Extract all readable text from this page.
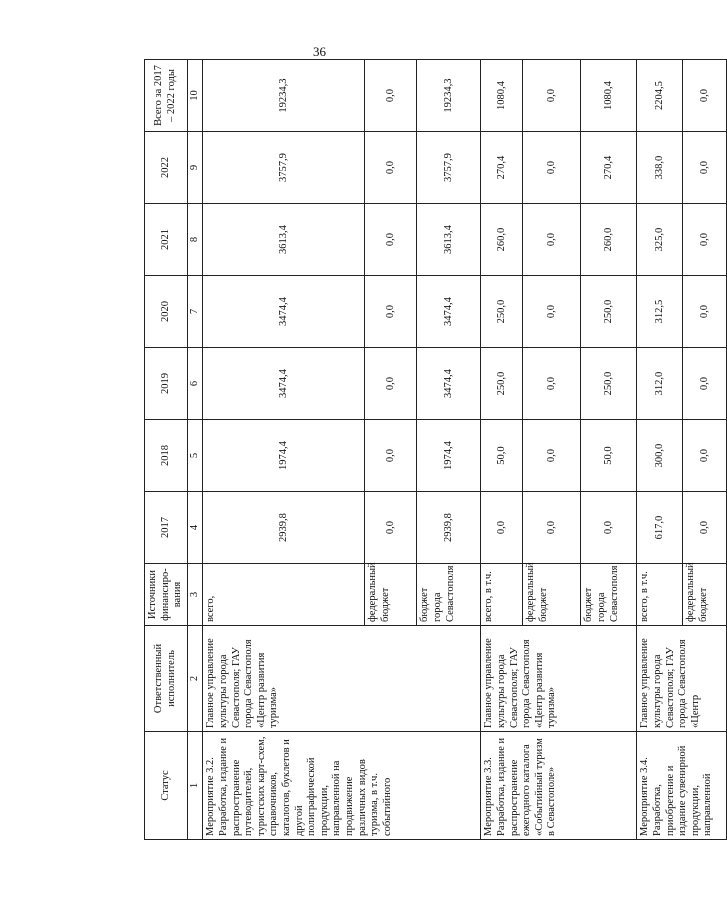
36
Статус	Ответственный исполнитель	Источники финансиро-вания	2017	2018	2019	2020	2021	2022	Всего за 2017 – 2022 годы
1	2	3	4	5	6	7	8	9	10
Мероприятие 3.2. Разработка, издание и распространение путеводителей, туристских карт-схем, справочников, каталогов, буклетов и другой полиграфической продукции, направленной на продвижение различных видов туризма, в т.ч. событийного	Главное управление культуры города Севастополя; ГАУ города Севастополя «Центр развития туризма»	всего,	2939,8	1974,4	3474,4	3474,4	3613,4	3757,9	19234,3
		федеральный бюджет	0,0	0,0	0,0	0,0	0,0	0,0	0,0
		бюджет города Севастополя	2939,8	1974,4	3474,4	3474,4	3613,4	3757,9	19234,3
Мероприятие 3.3. Разработка, издание и распространение ежегодного каталога «Событийный туризм в Севастополе»	Главное управление культуры города Севастополя; ГАУ города Севастополя «Центр развития туризма»	всего, в т.ч.	0,0	50,0	250,0	250,0	260,0	270,4	1080,4
		федеральный бюджет	0,0	0,0	0,0	0,0	0,0	0,0	0,0
		бюджет города Севастополя	0,0	50,0	250,0	250,0	260,0	270,4	1080,4
Мероприятие 3.4. Разработка, приобретение и издание сувенирной продукции, направленной	Главное управление культуры города Севастополя; ГАУ города Севастополя «Центр	всего, в т.ч.	617,0	300,0	312,0	312,5	325,0	338,0	2204,5
		федеральный бюджет	0,0	0,0	0,0	0,0	0,0	0,0	0,0
